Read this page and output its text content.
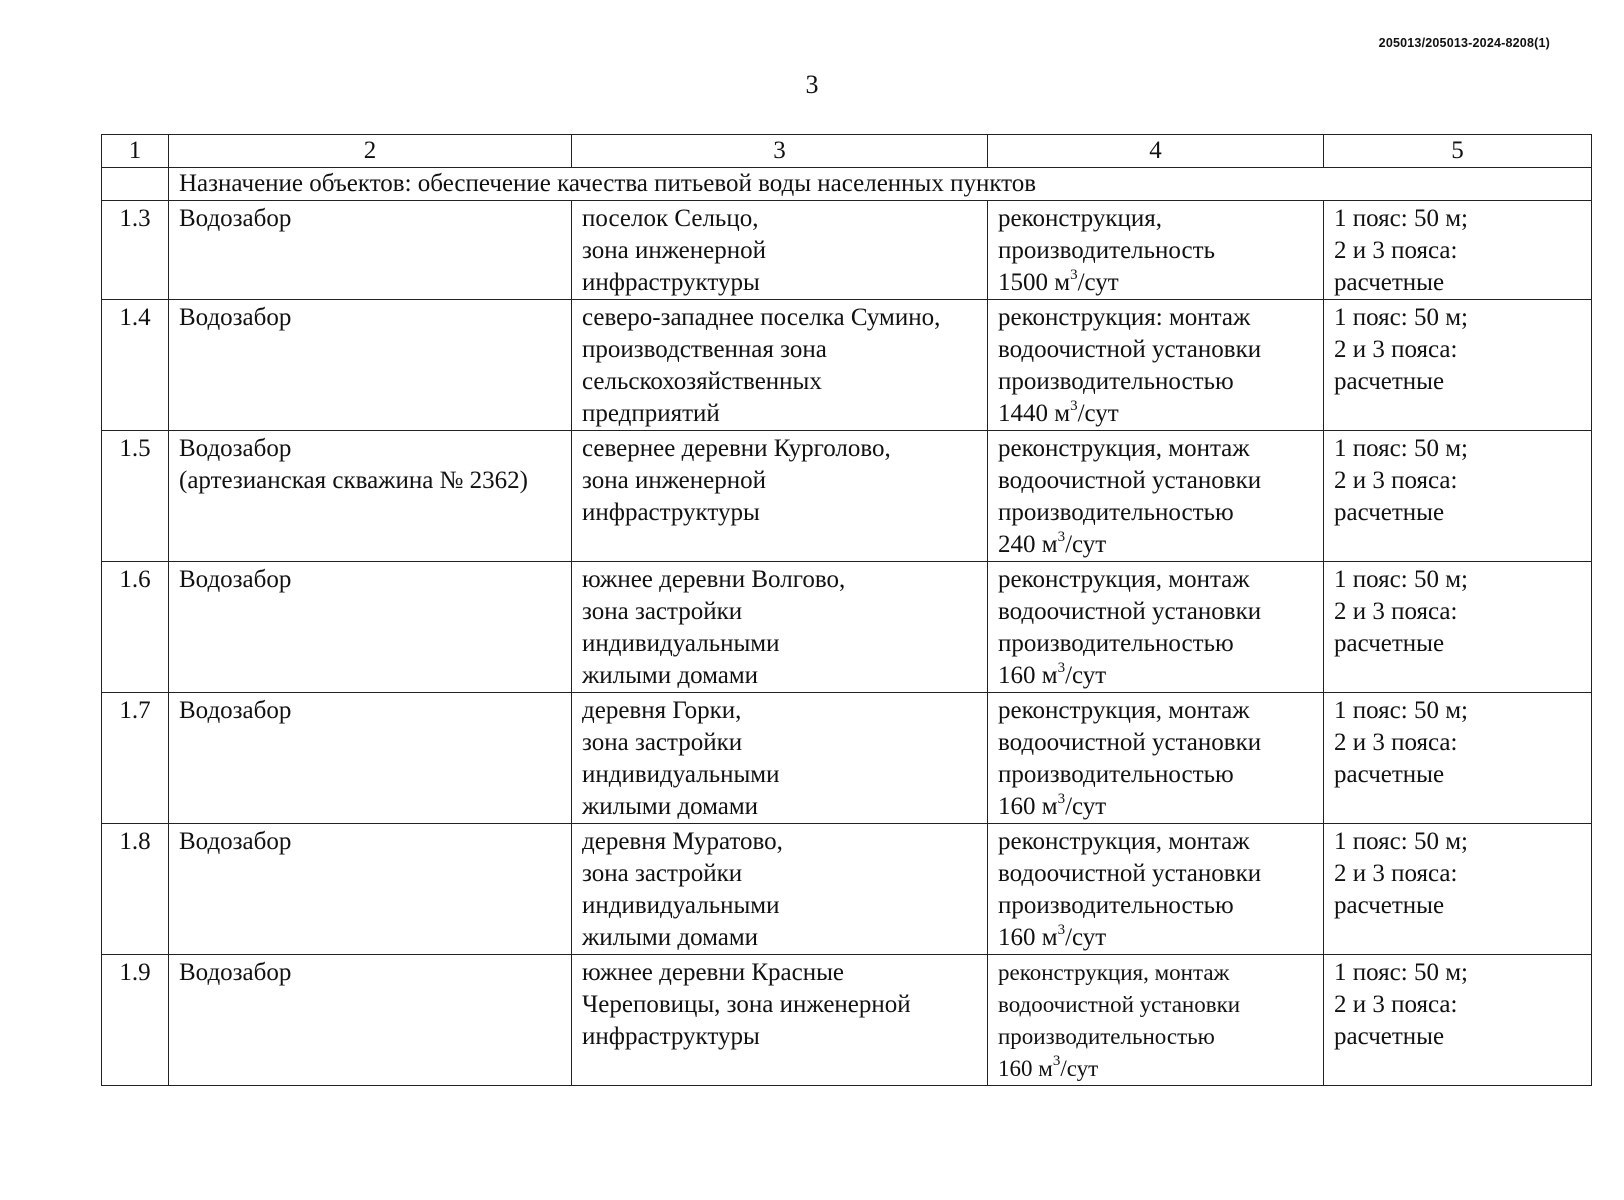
205013/205013-2024-8208(1)
3
1	2	3	4	5
	Назначение объектов: обеспечение качества питьевой воды населенных пунктов			
1.3	Водозабор	поселок Сельцо,
зона инженерной
инфраструктуры	реконструкция,
производительность
1500 $м^3$/сут	1 пояс: 50 м;
2 и 3 пояса:
расчетные

1.4	Водозабор	северо-западнее поселка Сумино,
производственная зона
сельскохозяйственных
предприятий	реконструкция: монтаж
водоочистной установки
производительностью
1440 $м^3$/сут	1 пояс: 50 м;
2 и 3 пояса:
расчетные

1.5	Водозабор
(артезианская скважина № 2362)	севернее деревни Курголово,
зона инженерной
инфраструктуры	реконструкция, монтаж
водоочистной установки
производительностью
240 $м^3$/сут	1 пояс: 50 м;
2 и 3 пояса:
расчетные

1.6	Водозабор	южнее деревни Волгово,
зона застройки
индивидуальными
жилыми домами	реконструкция, монтаж
водоочистной установки
производительностью
160 $м^3$/сут	1 пояс: 50 м;
2 и 3 пояса:
расчетные

1.7	Водозабор	деревня Горки,
зона застройки
индивидуальными
жилыми домами	реконструкция, монтаж
водоочистной установки
производительностью
160 $м^3$/сут	1 пояс: 50 м;
2 и 3 пояса:
расчетные

1.8	Водозабор	деревня Муратово,
зона застройки
индивидуальными
жилыми домами	реконструкция, монтаж
водоочистной установки
производительностью
160 $м^3$/сут	1 пояс: 50 м;
2 и 3 пояса:
расчетные

1.9	Водозабор	южнее деревни Красные
Череповицы, зона инженерной
инфраструктуры	реконструкция, монтаж
водоочистной установки
производительностью
160 $м^3$/сут	1 пояс: 50 м;
2 и 3 пояса:
расчетные
